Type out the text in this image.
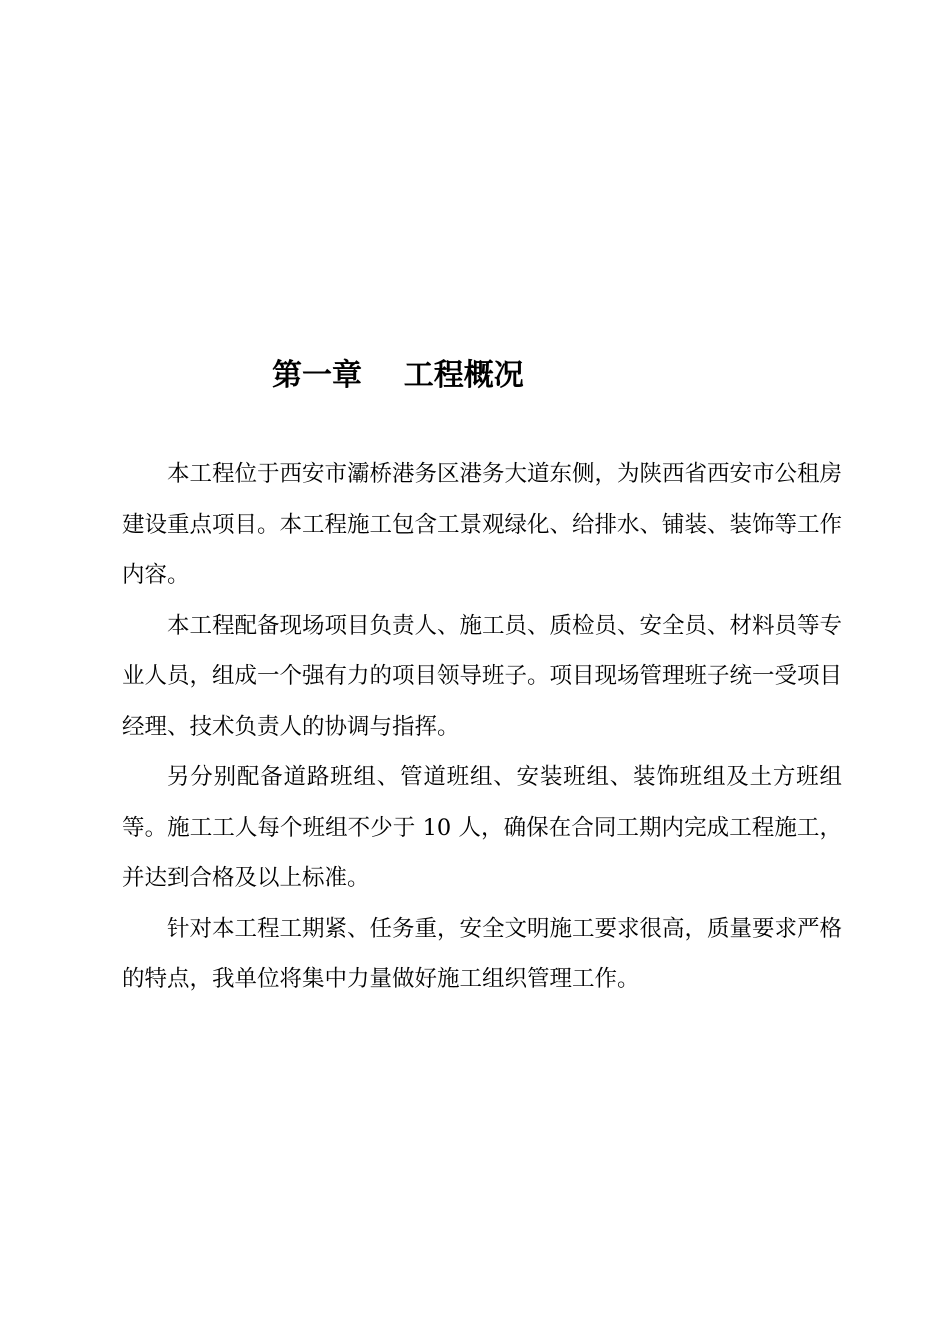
第一章    工程概况

本工程位于西安市灞桥港务区港务大道东侧，为陕西省西安市公租房建设重点项目。本工程施工包含工景观绿化、给排水、铺装、装饰等工作内容。

本工程配备现场项目负责人、施工员、质检员、安全员、材料员等专业人员，组成一个强有力的项目领导班子。项目现场管理班子统一受项目经理、技术负责人的协调与指挥。

另分别配备道路班组、管道班组、安装班组、装饰班组及土方班组等。施工工人每个班组不少于 10 人，确保在合同工期内完成工程施工，并达到合格及以上标准。

针对本工程工期紧、任务重，安全文明施工要求很高，质量要求严格的特点，我单位将集中力量做好施工组织管理工作。
